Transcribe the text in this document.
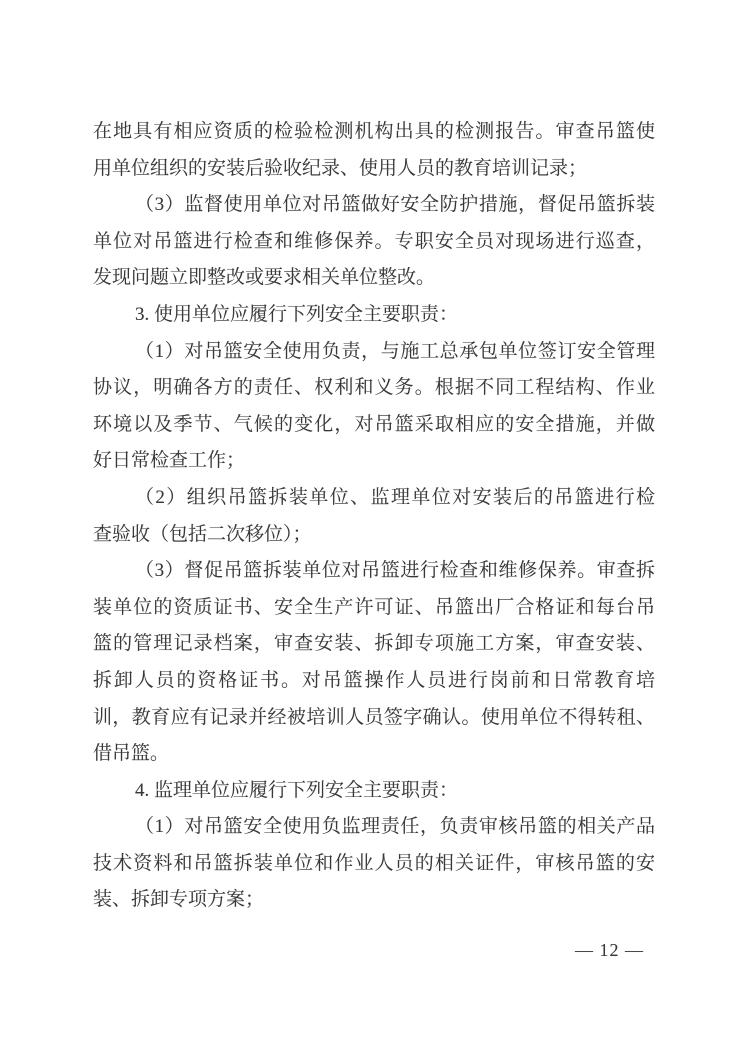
在地具有相应资质的检验检测机构出具的检测报告。审查吊篮使
用单位组织的安装后验收纪录、使用人员的教育培训记录；
（3）监督使用单位对吊篮做好安全防护措施，督促吊篮拆装
单位对吊篮进行检查和维修保养。专职安全员对现场进行巡查，
发现问题立即整改或要求相关单位整改。
3. 使用单位应履行下列安全主要职责：
（1）对吊篮安全使用负责，与施工总承包单位签订安全管理
协议，明确各方的责任、权利和义务。根据不同工程结构、作业
环境以及季节、气候的变化，对吊篮采取相应的安全措施，并做
好日常检查工作；
（2）组织吊篮拆装单位、监理单位对安装后的吊篮进行检
查验收（包括二次移位）；
（3）督促吊篮拆装单位对吊篮进行检查和维修保养。审查拆
装单位的资质证书、安全生产许可证、吊篮出厂合格证和每台吊
篮的管理记录档案，审查安装、拆卸专项施工方案，审查安装、
拆卸人员的资格证书。对吊篮操作人员进行岗前和日常教育培
训，教育应有记录并经被培训人员签字确认。使用单位不得转租、
借吊篮。
4. 监理单位应履行下列安全主要职责：
（1）对吊篮安全使用负监理责任，负责审核吊篮的相关产品
技术资料和吊篮拆装单位和作业人员的相关证件，审核吊篮的安
装、拆卸专项方案；
— 12 —
